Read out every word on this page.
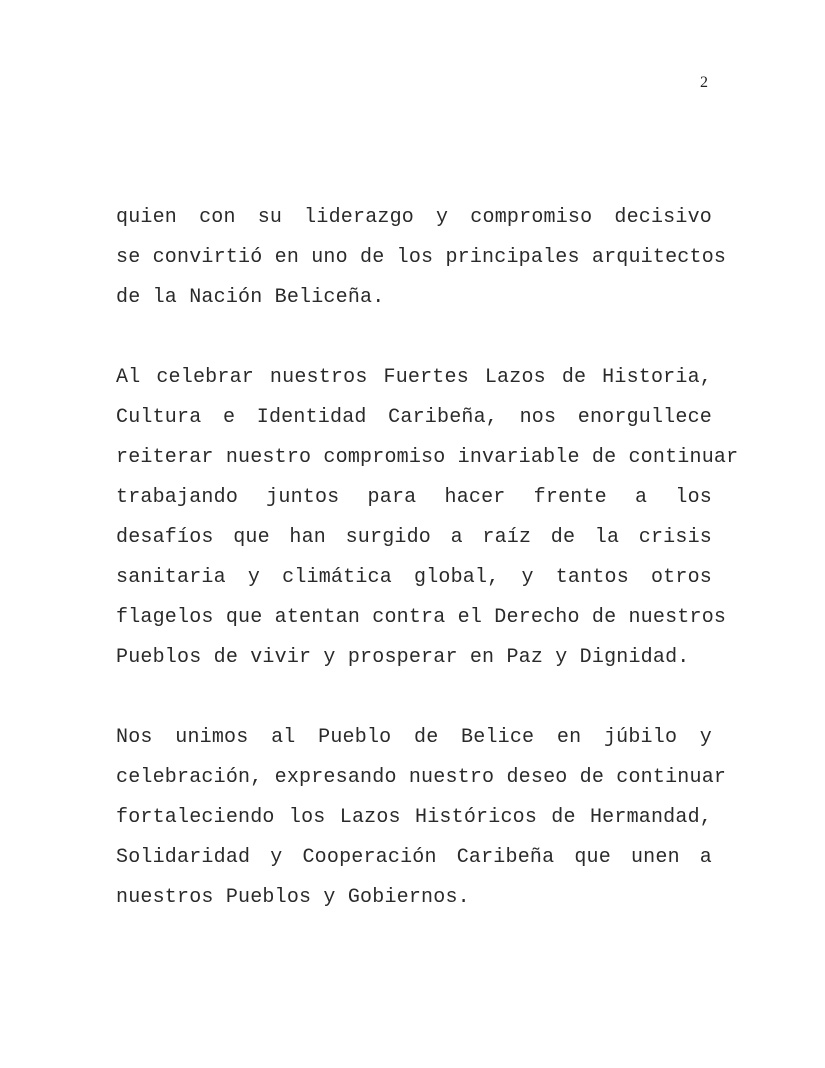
2

quien con su liderazgo y compromiso decisivo
se convirtió en uno de los principales arquitectos
de la Nación Beliceña.

Al celebrar nuestros Fuertes Lazos de Historia,
Cultura e Identidad Caribeña, nos enorgullece
reiterar nuestro compromiso invariable de continuar
trabajando juntos para hacer frente a los
desafíos que han surgido a raíz de la crisis
sanitaria y climática global, y tantos otros
flagelos que atentan contra el Derecho de nuestros
Pueblos de vivir y prosperar en Paz y Dignidad.

Nos unimos al Pueblo de Belice en júbilo y
celebración, expresando nuestro deseo de continuar
fortaleciendo los Lazos Históricos de Hermandad,
Solidaridad y Cooperación Caribeña que unen a
nuestros Pueblos y Gobiernos.
